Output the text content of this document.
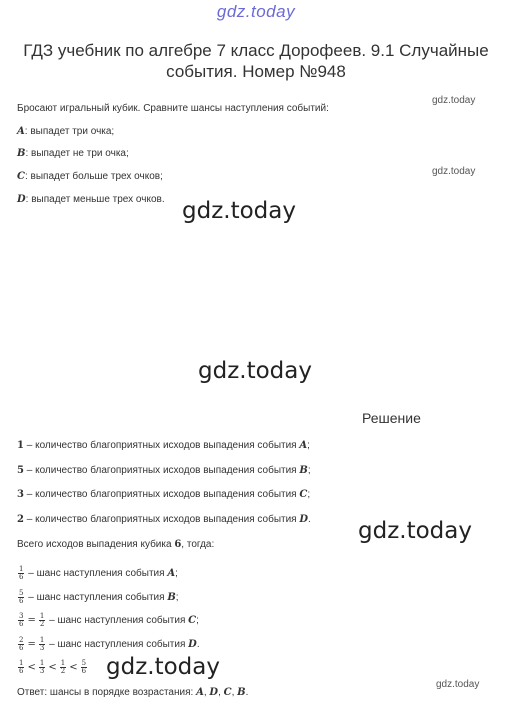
gdz.today
ГДЗ учебник по алгебре 7 класс Дорофеев. 9.1 Случайные события. Номер №948
gdz.today
gdz.today
gdz.today
gdz.today
gdz.today
gdz.today
gdz.today
Бросают игральный кубик. Сравните шансы наступления событий:
A: выпадет три очка;
B: выпадет не три очка;
C: выпадет больше трех очков;
D: выпадет меньше трех очков.
Решение
1 – количество благоприятных исходов выпадения события A;
5 – количество благоприятных исходов выпадения события B;
3 – количество благоприятных исходов выпадения события C;
2 – количество благоприятных исходов выпадения события D.
Всего исходов выпадения кубика 6, тогда:
$\frac{1}{6}$ – шанс наступления события A;
$\frac{5}{6}$ – шанс наступления события B;
$\frac{3}{6} = \frac{1}{2}$ – шанс наступления события C;
$\frac{2}{6} = \frac{1}{3}$ – шанс наступления события D.
$\frac{1}{6} < \frac{1}{3} < \frac{1}{2} < \frac{5}{6}$
Ответ: шансы в порядке возрастания: A, D, C, B.
